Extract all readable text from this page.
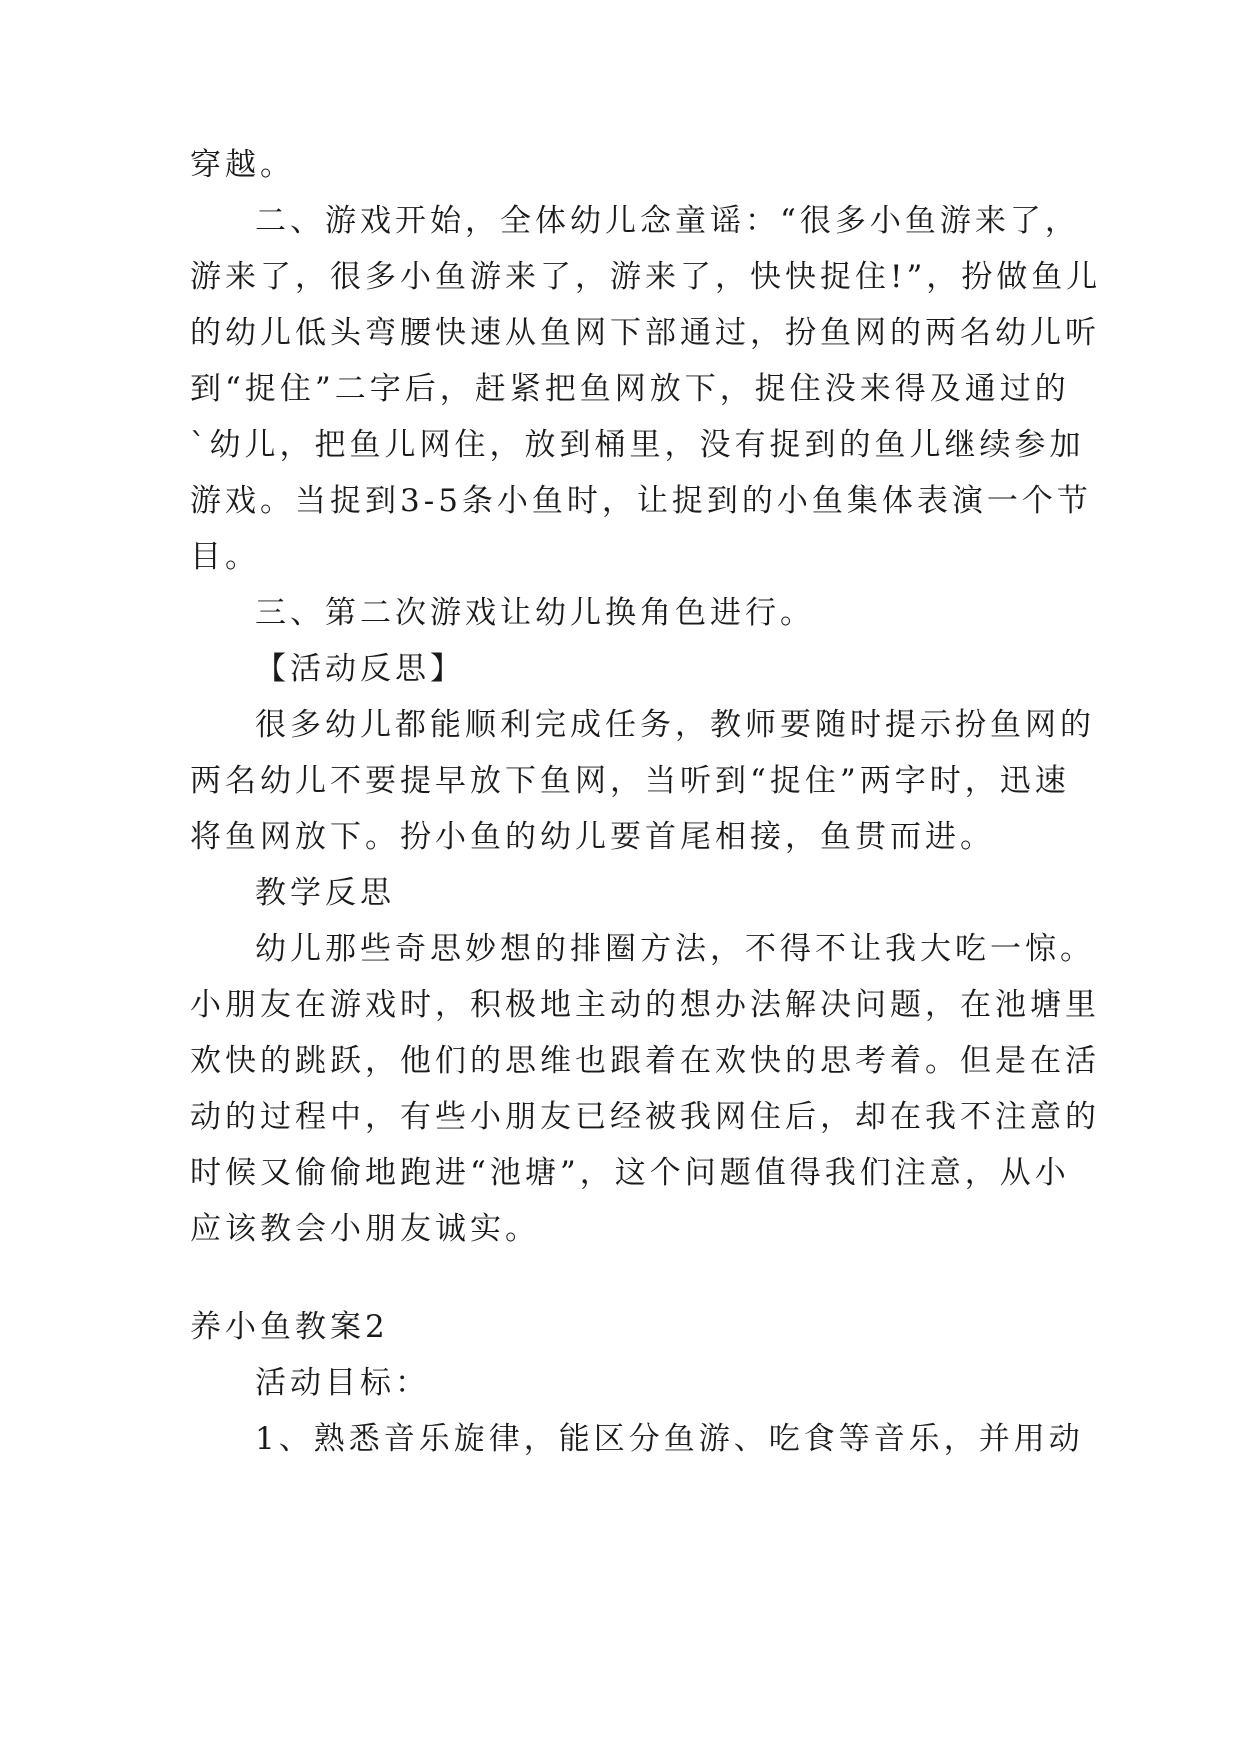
穿越。
二、游戏开始，全体幼儿念童谣：“很多小鱼游来了，
游来了，很多小鱼游来了，游来了，快快捉住!”，扮做鱼儿
的幼儿低头弯腰快速从鱼网下部通过，扮鱼网的两名幼儿听
到“捉住”二字后，赶紧把鱼网放下，捉住没来得及通过的
`幼儿，把鱼儿网住，放到桶里，没有捉到的鱼儿继续参加
游戏。当捉到3-5条小鱼时，让捉到的小鱼集体表演一个节
目。
三、第二次游戏让幼儿换角色进行。
【活动反思】
很多幼儿都能顺利完成任务，教师要随时提示扮鱼网的
两名幼儿不要提早放下鱼网，当听到“捉住”两字时，迅速
将鱼网放下。扮小鱼的幼儿要首尾相接，鱼贯而进。
教学反思
幼儿那些奇思妙想的排圈方法，不得不让我大吃一惊。
小朋友在游戏时，积极地主动的想办法解决问题，在池塘里
欢快的跳跃，他们的思维也跟着在欢快的思考着。但是在活
动的过程中，有些小朋友已经被我网住后，却在我不注意的
时候又偷偷地跑进“池塘”，这个问题值得我们注意，从小
应该教会小朋友诚实。
养小鱼教案2
活动目标：
1、熟悉音乐旋律，能区分鱼游、吃食等音乐，并用动
